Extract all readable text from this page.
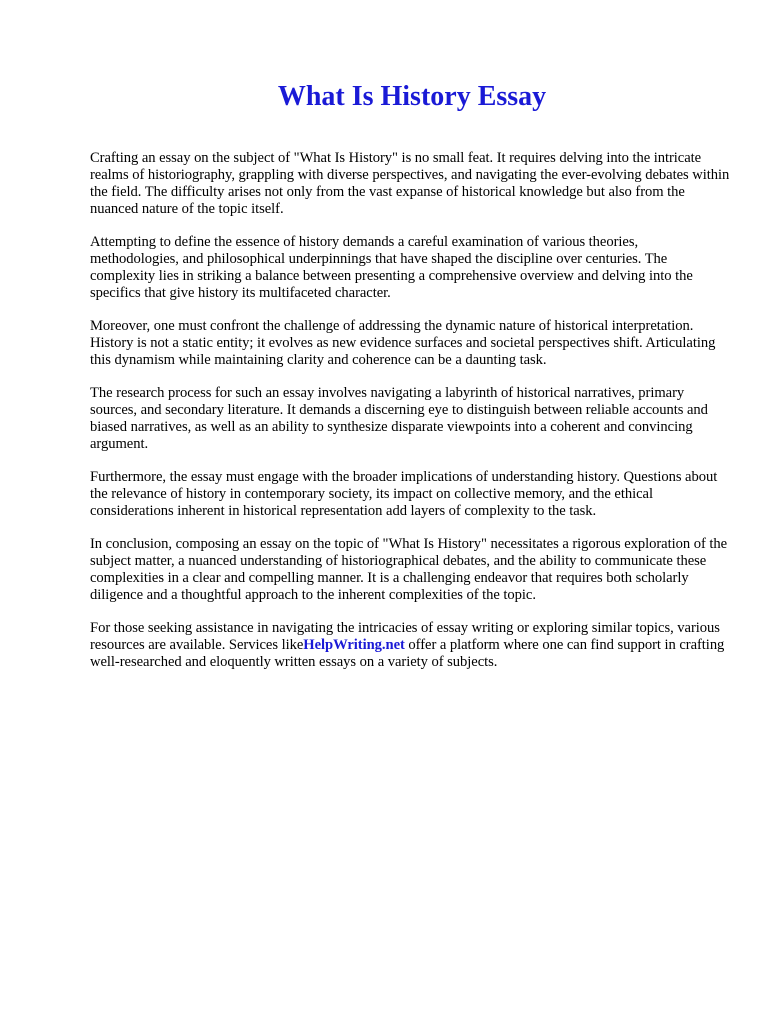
What Is History Essay

Crafting an essay on the subject of "What Is History" is no small feat. It requires delving into the intricate realms of historiography, grappling with diverse perspectives, and navigating the ever-evolving debates within the field. The difficulty arises not only from the vast expanse of historical knowledge but also from the nuanced nature of the topic itself.

Attempting to define the essence of history demands a careful examination of various theories, methodologies, and philosophical underpinnings that have shaped the discipline over centuries. The complexity lies in striking a balance between presenting a comprehensive overview and delving into the specifics that give history its multifaceted character.

Moreover, one must confront the challenge of addressing the dynamic nature of historical interpretation. History is not a static entity; it evolves as new evidence surfaces and societal perspectives shift. Articulating this dynamism while maintaining clarity and coherence can be a daunting task.

The research process for such an essay involves navigating a labyrinth of historical narratives, primary sources, and secondary literature. It demands a discerning eye to distinguish between reliable accounts and biased narratives, as well as an ability to synthesize disparate viewpoints into a coherent and convincing argument.

Furthermore, the essay must engage with the broader implications of understanding history. Questions about the relevance of history in contemporary society, its impact on collective memory, and the ethical considerations inherent in historical representation add layers of complexity to the task.

In conclusion, composing an essay on the topic of "What Is History" necessitates a rigorous exploration of the subject matter, a nuanced understanding of historiographical debates, and the ability to communicate these complexities in a clear and compelling manner. It is a challenging endeavor that requires both scholarly diligence and a thoughtful approach to the inherent complexities of the topic.

For those seeking assistance in navigating the intricacies of essay writing or exploring similar topics, various resources are available. Services likeHelpWriting.net offer a platform where one can find support in crafting well-researched and eloquently written essays on a variety of subjects.
